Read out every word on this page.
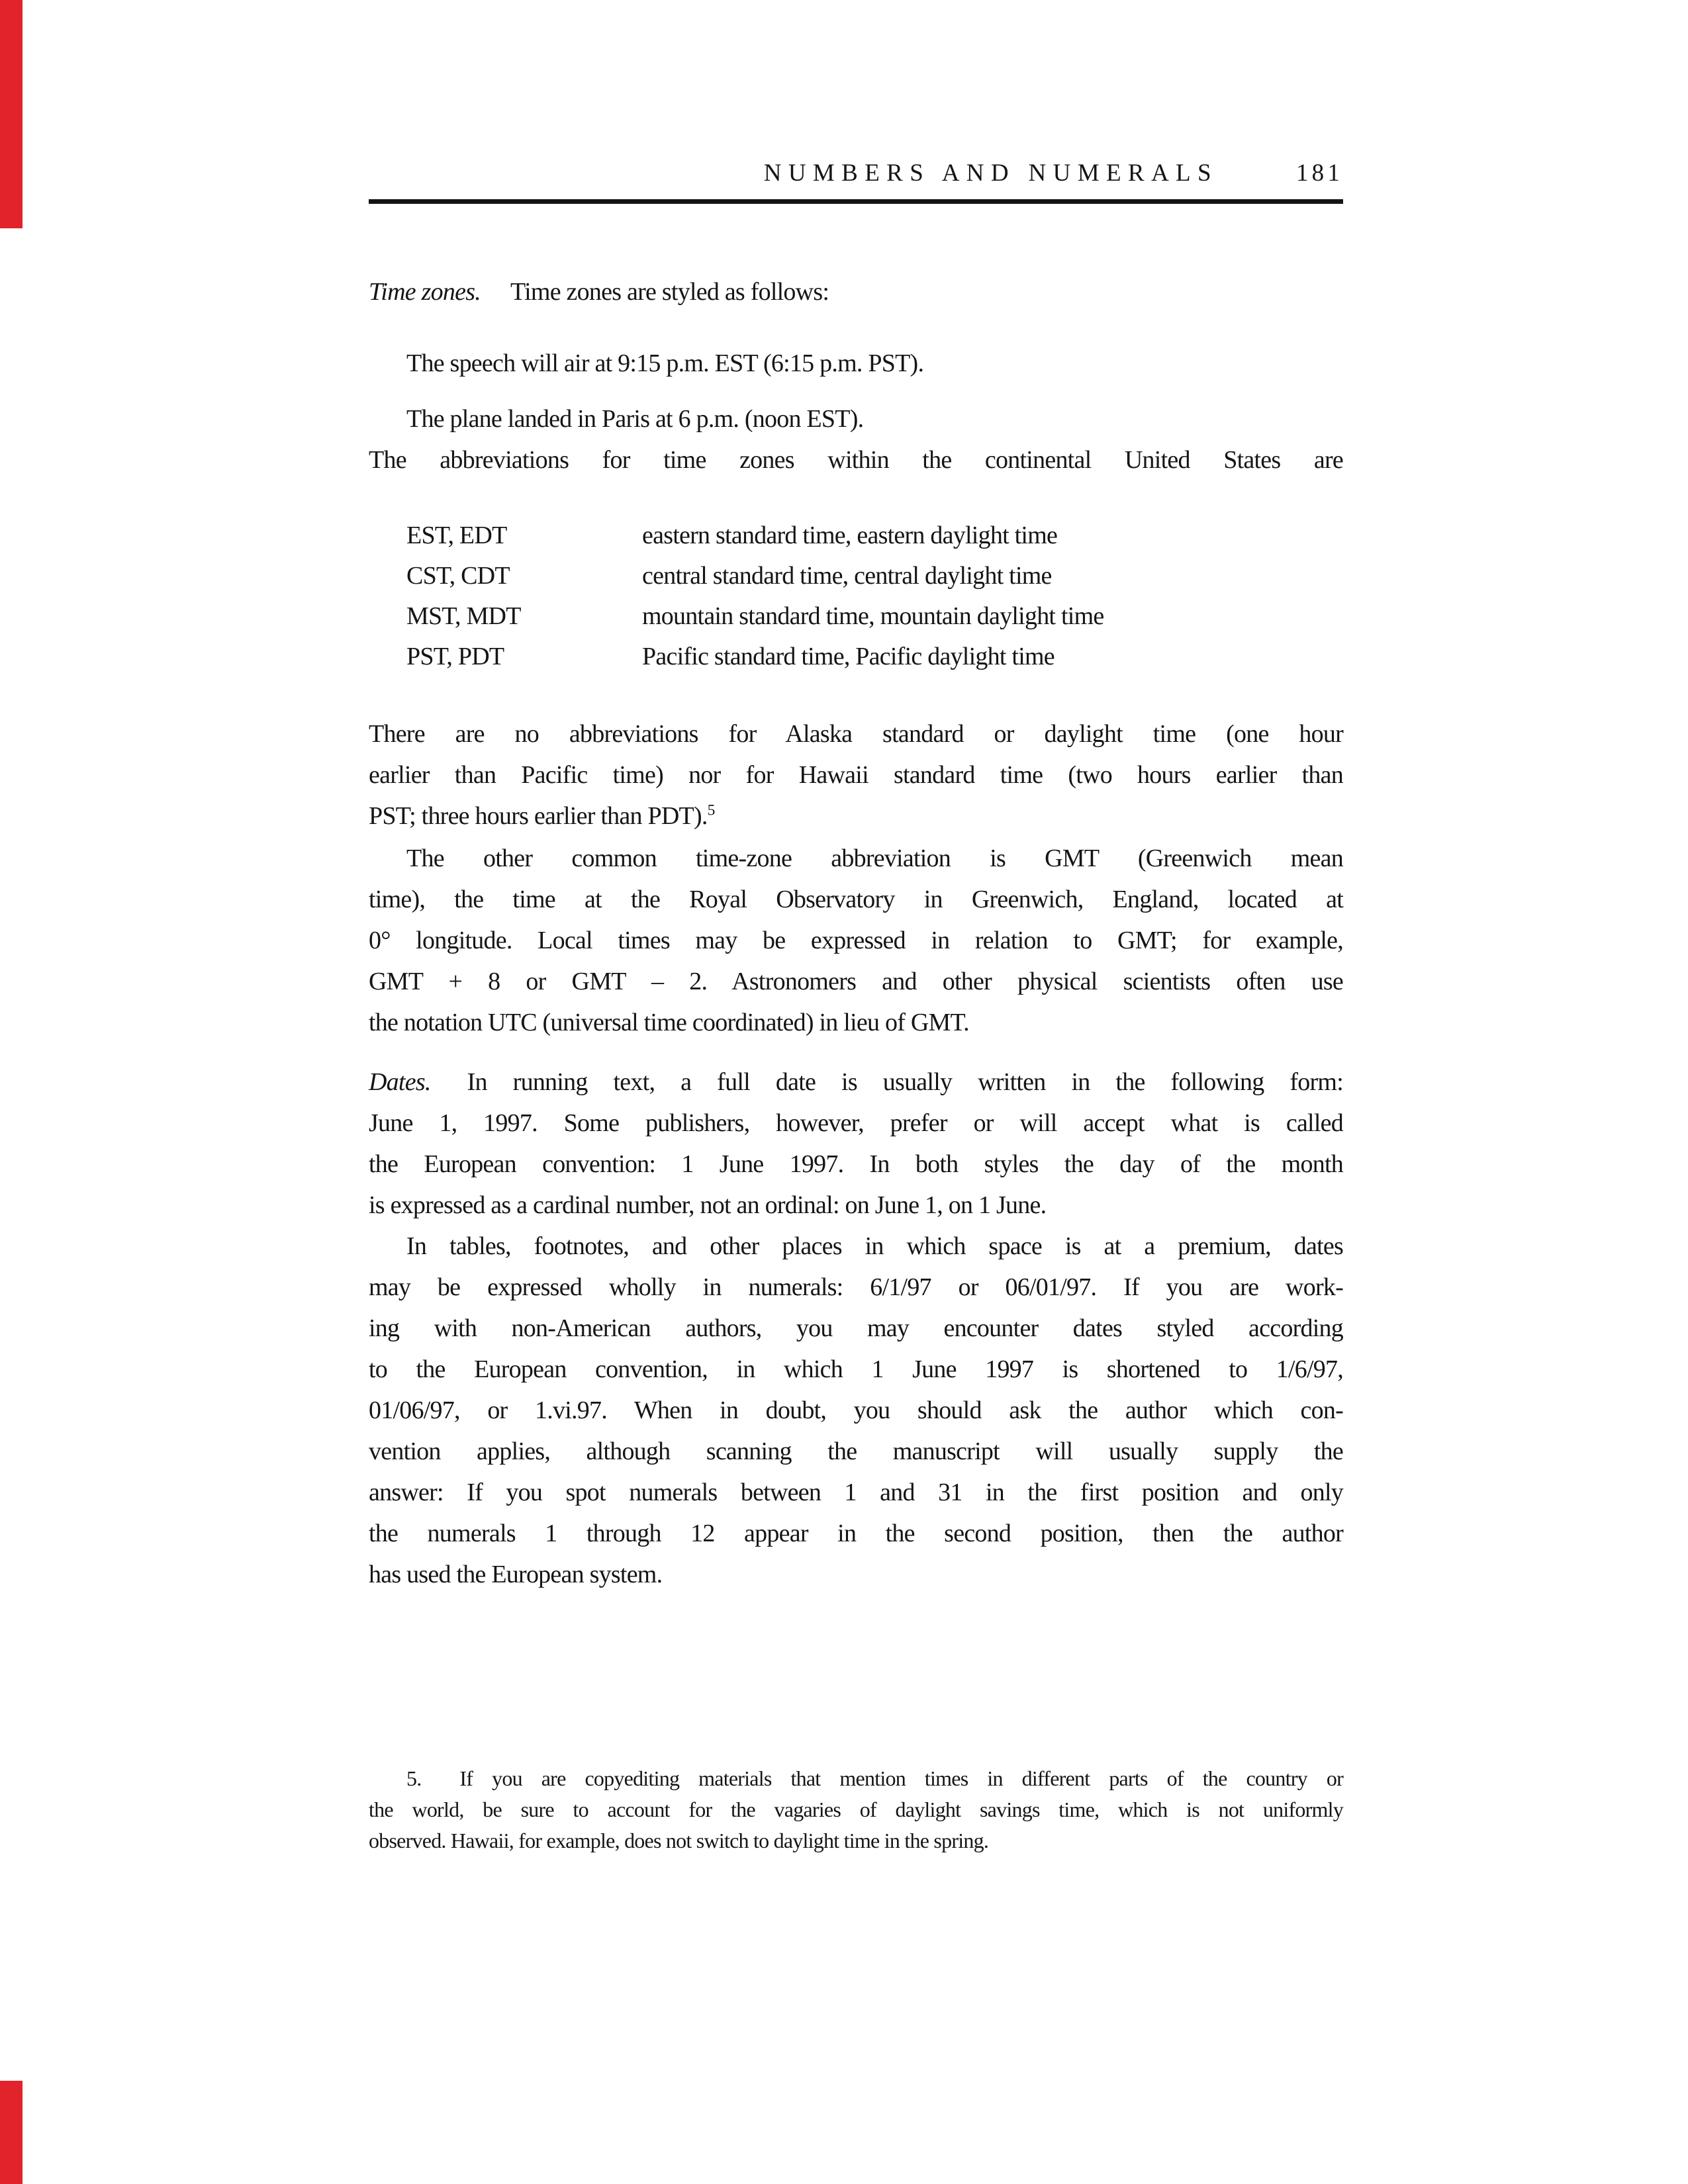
NUMBERS AND NUMERALS	181

Time zones. Time zones are styled as follows:

The speech will air at 9:15 p.m. EST (6:15 p.m. PST).

The plane landed in Paris at 6 p.m. (noon EST).

The abbreviations for time zones within the continental United States are

EST, EDT	eastern standard time, eastern daylight time
CST, CDT	central standard time, central daylight time
MST, MDT	mountain standard time, mountain daylight time
PST, PDT	Pacific standard time, Pacific daylight time
There are no abbreviations for Alaska standard or daylight time (one hour
earlier than Pacific time) nor for Hawaii standard time (two hours earlier than
PST; three hours earlier than PDT).$^5$
The other common time-zone abbreviation is GMT (Greenwich mean
time), the time at the Royal Observatory in Greenwich, England, located at
0° longitude. Local times may be expressed in relation to GMT; for example,
GMT + 8 or GMT – 2. Astronomers and other physical scientists often use
the notation UTC (universal time coordinated) in lieu of GMT.
Dates. In running text, a full date is usually written in the following form:
June 1, 1997. Some publishers, however, prefer or will accept what is called
the European convention: 1 June 1997. In both styles the day of the month
is expressed as a cardinal number, not an ordinal: on June 1, on 1 June.
In tables, footnotes, and other places in which space is at a premium, dates
may be expressed wholly in numerals: 6/1/97 or 06/01/97. If you are work-
ing with non-American authors, you may encounter dates styled according
to the European convention, in which 1 June 1997 is shortened to 1/6/97,
01/06/97, or 1.vi.97. When in doubt, you should ask the author which con-
vention applies, although scanning the manuscript will usually supply the
answer: If you spot numerals between 1 and 31 in the first position and only
the numerals 1 through 12 appear in the second position, then the author
has used the European system.
5.  If you are copyediting materials that mention times in different parts of the country or
the world, be sure to account for the vagaries of daylight savings time, which is not uniformly
observed. Hawaii, for example, does not switch to daylight time in the spring.
